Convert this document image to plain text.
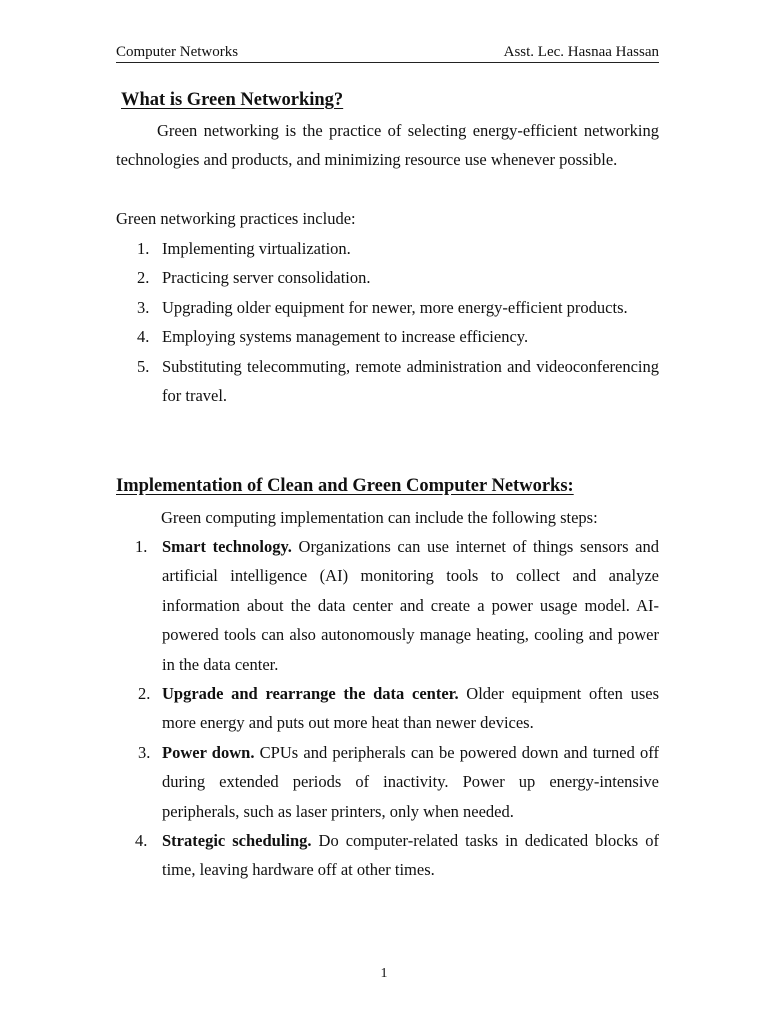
Computer Networks	Asst. Lec. Hasnaa Hassan
What is Green Networking?
Green networking is the practice of selecting energy-efficient networking technologies and products, and minimizing resource use whenever possible.
Green networking practices include:
1. Implementing virtualization.
2. Practicing server consolidation.
3. Upgrading older equipment for newer, more energy-efficient products.
4. Employing systems management to increase efficiency.
5. Substituting telecommuting, remote administration and videoconferencing for travel.
Implementation of Clean and Green Computer Networks:
Green computing implementation can include the following steps:
1. Smart technology. Organizations can use internet of things sensors and artificial intelligence (AI) monitoring tools to collect and analyze information about the data center and create a power usage model. AI-powered tools can also autonomously manage heating, cooling and power in the data center.
2. Upgrade and rearrange the data center. Older equipment often uses more energy and puts out more heat than newer devices.
3. Power down. CPUs and peripherals can be powered down and turned off during extended periods of inactivity. Power up energy-intensive peripherals, such as laser printers, only when needed.
4. Strategic scheduling. Do computer-related tasks in dedicated blocks of time, leaving hardware off at other times.
1
